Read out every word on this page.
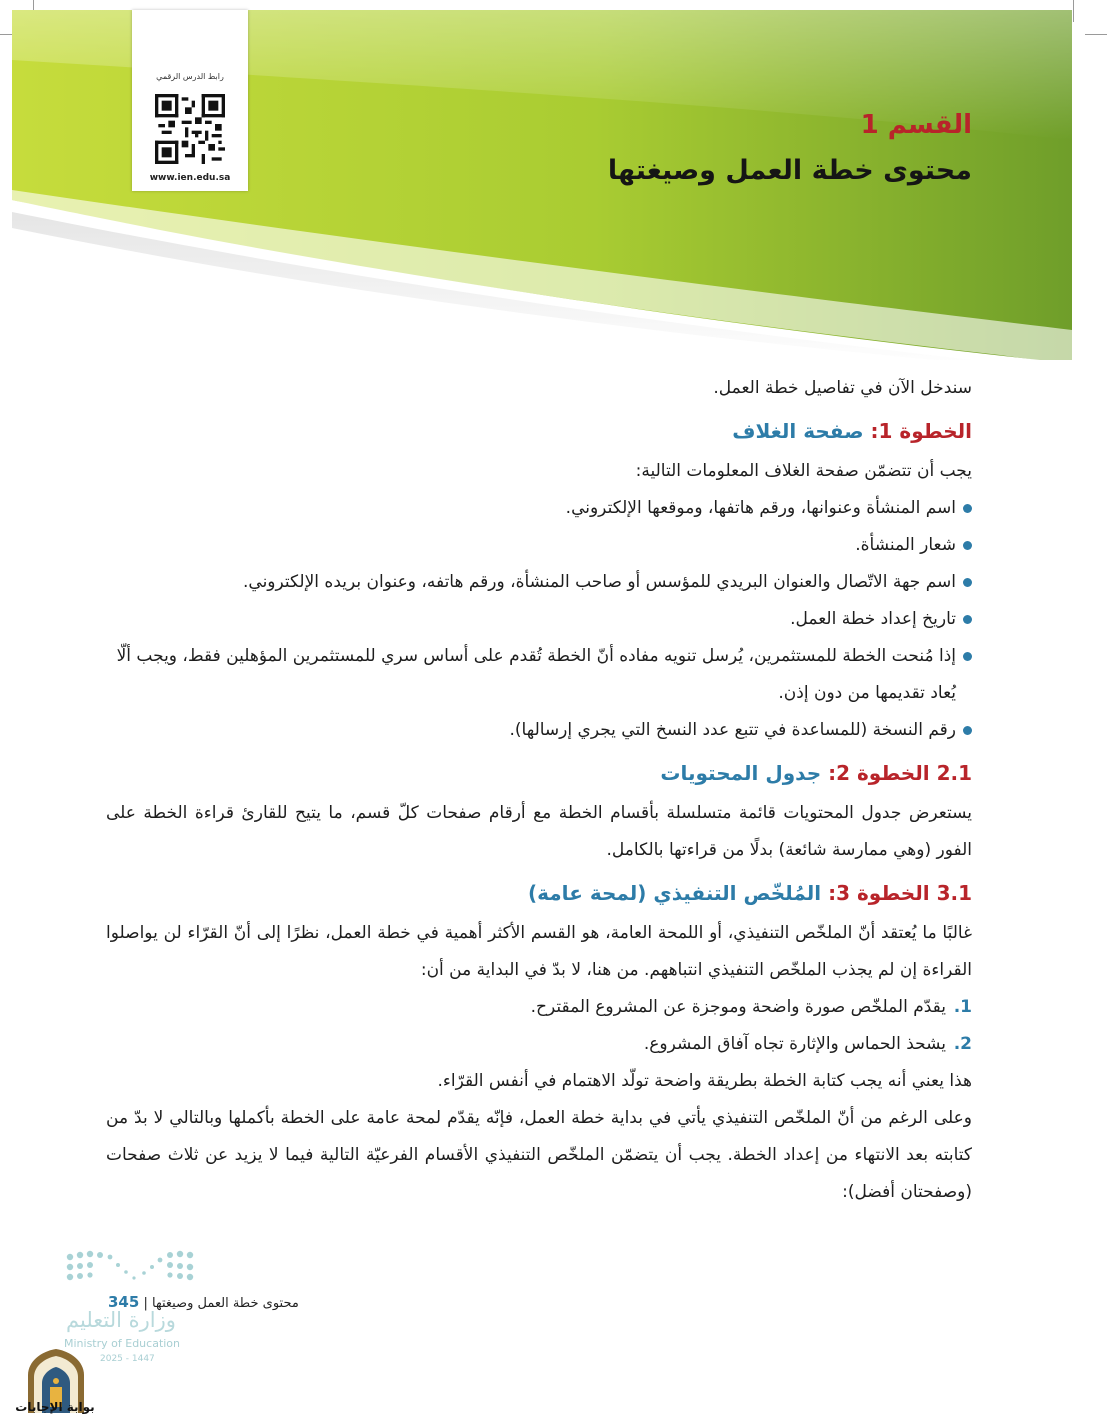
رابط الدرس الرقمي
www.ien.edu.sa
القسم 1
محتوى خطة العمل وصيغتها

سندخل الآن في تفاصيل خطة العمل.

الخطوة 1: صفحة الغلاف

يجب أن تتضمّن صفحة الغلاف المعلومات التالية:

اسم المنشأة وعنوانها، ورقم هاتفها، وموقعها الإلكتروني.
شعار المنشأة.
اسم جهة الاتّصال والعنوان البريدي للمؤسس أو صاحب المنشأة، ورقم هاتفه، وعنوان بريده الإلكتروني.
تاريخ إعداد خطة العمل.
إذا مُنحت الخطة للمستثمرين، يُرسل تنويه مفاده أنّ الخطة تُقدم على أساس سري للمستثمرين المؤهلين فقط، ويجب ألّا يُعاد تقديمها من دون إذن.
رقم النسخة (للمساعدة في تتبع عدد النسخ التي يجري إرسالها).
2.1 الخطوة 2: جدول المحتويات

يستعرض جدول المحتويات قائمة متسلسلة بأقسام الخطة مع أرقام صفحات كلّ قسم، ما يتيح للقارئ قراءة الخطة على الفور (وهي ممارسة شائعة) بدلًا من قراءتها بالكامل.

3.1 الخطوة 3: المُلخّص التنفيذي (لمحة عامة)

غالبًا ما يُعتقد أنّ الملخّص التنفيذي، أو اللمحة العامة، هو القسم الأكثر أهمية في خطة العمل، نظرًا إلى أنّ القرّاء لن يواصلوا القراءة إن لم يجذب الملخّص التنفيذي انتباههم. من هنا، لا بدّ في البداية من أن:

1.
يقدّم الملخّص صورة واضحة وموجزة عن المشروع المقترح.
2.
يشحذ الحماس والإثارة تجاه آفاق المشروع.

هذا يعني أنه يجب كتابة الخطة بطريقة واضحة تولّد الاهتمام في أنفس القرّاء.

وعلى الرغم من أنّ الملخّص التنفيذي يأتي في بداية خطة العمل، فإنّه يقدّم لمحة عامة على الخطة بأكملها وبالتالي لا بدّ من كتابته بعد الانتهاء من إعداد الخطة. يجب أن يتضمّن الملخّص التنفيذي الأقسام الفرعيّة التالية فيما لا يزيد عن ثلاث صفحات (وصفحتان أفضل):

وزارة التعليم
Ministry of Education
2025 - 1447
محتوى خطة العمل وصيغتها | 345
بوابة الإجابات
